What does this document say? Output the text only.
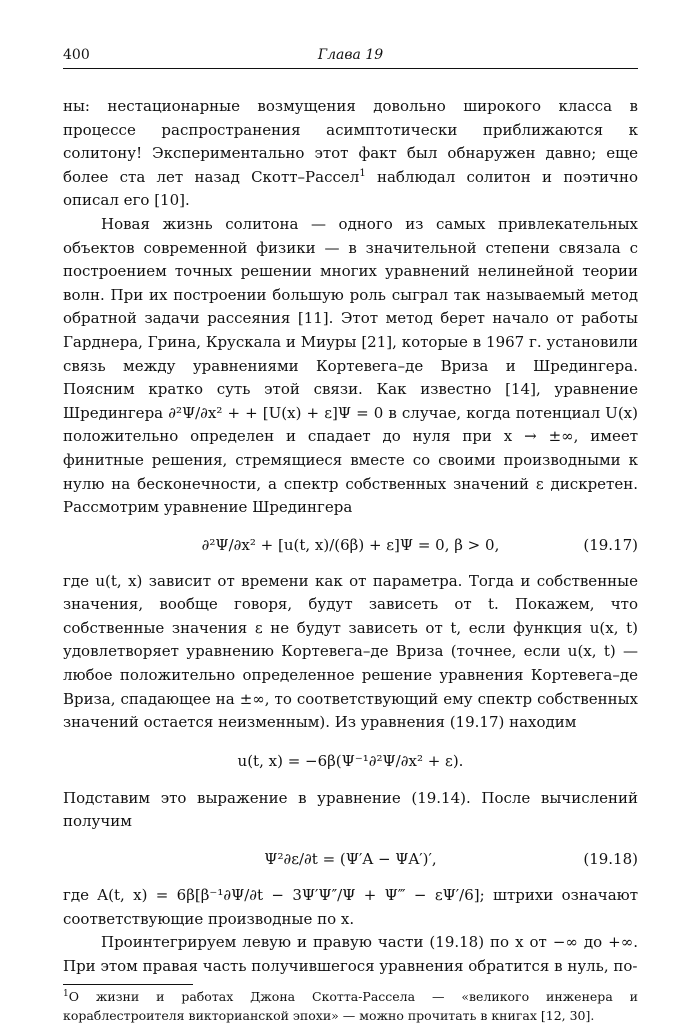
400	Глава 19

ны: нестационарные возмущения довольно широкого класса в процессе распространения асимптотически приближаются к солитону! Экспериментально этот факт был обнаружен давно; еще более ста лет назад Скотт–Рассел$^1$ наблюдал солитон и поэтично описал его [10].

Новая жизнь солитона — одного из самых привлекательных объектов современной физики — в значительной степени связала с построением точных решении многих уравнений нелинейной теории волн. При их построении большую роль сыграл так называемый метод обратной задачи рассеяния [11]. Этот метод берет начало от работы Гарднера, Грина, Крускала и Миуры [21], которые в 1967 г. установили связь между уравнениями Кортевега–де Вриза и Шредингера. Поясним кратко суть этой связи. Как известно [14], уравнение Шредингера ∂²Ψ/∂x² + + [U(x) + ε]Ψ = 0 в случае, когда потенциал U(x) положительно определен и спадает до нуля при x → ±∞, имеет финитные решения, стремящиеся вместе со своими производными к нулю на бесконечности, а спектр собственных значений ε дискретен. Рассмотрим уравнение Шредингера

∂²Ψ/∂x² + [u(t, x)/(6β) + ε]Ψ = 0, β > 0,	(19.17)

где u(t, x) зависит от времени как от параметра. Тогда и собственные значения, вообще говоря, будут зависеть от t. Покажем, что собственные значения ε не будут зависеть от t, если функция u(x, t) удовлетворяет уравнению Кортевега–де Вриза (точнее, если u(x, t) — любое положительно определенное решение уравнения Кортевега–де Вриза, спадающее на ±∞, то соответствующий ему спектр собственных значений остается неизменным). Из уравнения (19.17) находим

u(t, x) = −6β(Ψ⁻¹∂²Ψ/∂x² + ε).

Подставим это выражение в уравнение (19.14). После вычислений получим

Ψ²∂ε/∂t = (Ψ′A − ΨA′)′,	(19.18)

где A(t, x) = 6β[β⁻¹∂Ψ/∂t − 3Ψ′Ψ″/Ψ + Ψ‴ − εΨ′/6]; штрихи означают соответствующие производные по x.

Проинтегрируем левую и правую части (19.18) по x от −∞ до +∞. При этом правая часть получившегося уравнения обратится в нуль, по-

$^1$О жизни и работах Джона Скотта-Рассела — «великого инженера и кораблестроителя викторианской эпохи» — можно прочитать в книгах [12, 30].
